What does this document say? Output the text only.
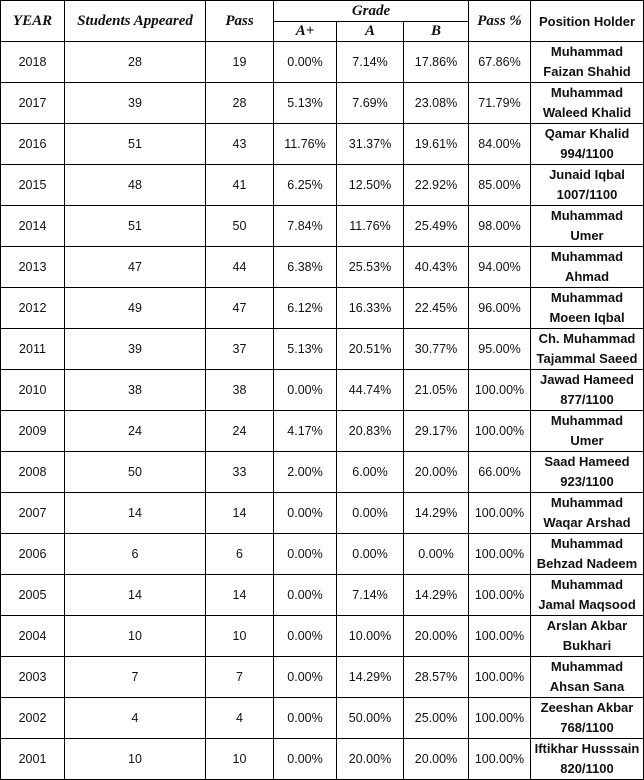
YEAR	Students Appeared	Pass	Grade			Pass %	Position Holder
			A+	A	B		
2018	28	19	0.00%	7.14%	17.86%	67.86%	Muhammad
Faizan Shahid

2017	39	28	5.13%	7.69%	23.08%	71.79%	Muhammad
Waleed Khalid

2016	51	43	11.76%	31.37%	19.61%	84.00%	Qamar Khalid
994/1100

2015	48	41	6.25%	12.50%	22.92%	85.00%	Junaid Iqbal
1007/1100

2014	51	50	7.84%	11.76%	25.49%	98.00%	Muhammad
Umer

2013	47	44	6.38%	25.53%	40.43%	94.00%	Muhammad
Ahmad

2012	49	47	6.12%	16.33%	22.45%	96.00%	Muhammad
Moeen Iqbal

2011	39	37	5.13%	20.51%	30.77%	95.00%	Ch. Muhammad
Tajammal Saeed

2010	38	38	0.00%	44.74%	21.05%	100.00%	Jawad Hameed
877/1100

2009	24	24	4.17%	20.83%	29.17%	100.00%	Muhammad
Umer

2008	50	33	2.00%	6.00%	20.00%	66.00%	Saad Hameed
923/1100

2007	14	14	0.00%	0.00%	14.29%	100.00%	Muhammad
Waqar Arshad

2006	6	6	0.00%	0.00%	0.00%	100.00%	Muhammad
Behzad Nadeem

2005	14	14	0.00%	7.14%	14.29%	100.00%	Muhammad
Jamal Maqsood

2004	10	10	0.00%	10.00%	20.00%	100.00%	Arslan Akbar
Bukhari

2003	7	7	0.00%	14.29%	28.57%	100.00%	Muhammad
Ahsan Sana

2002	4	4	0.00%	50.00%	25.00%	100.00%	Zeeshan Akbar
768/1100

2001	10	10	0.00%	20.00%	20.00%	100.00%	Iftikhar Husssain
820/1100
